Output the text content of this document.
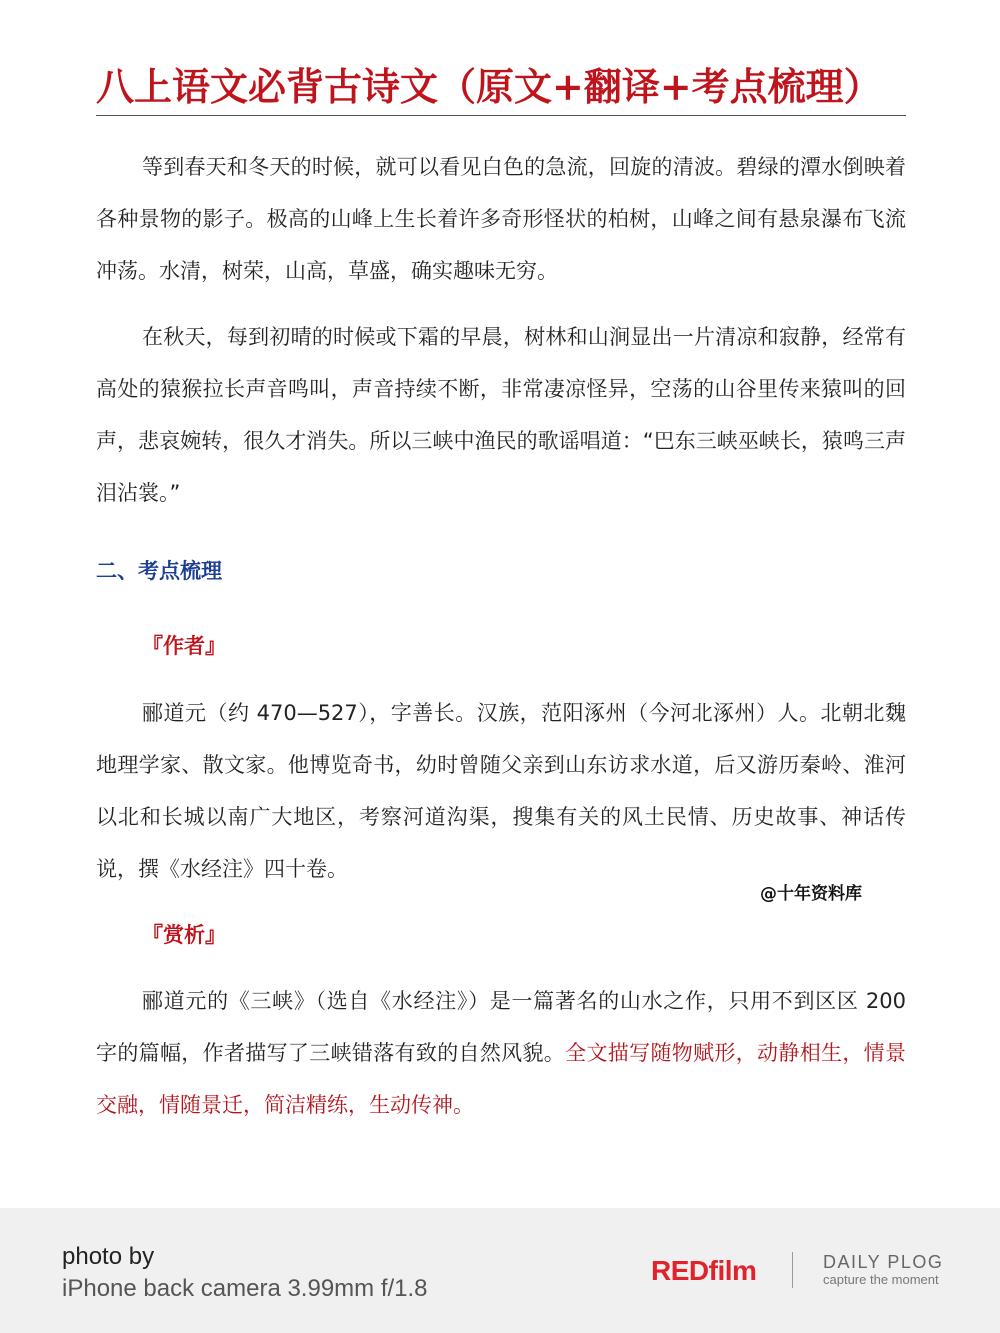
八上语文必背古诗文（原文+翻译+考点梳理）

等到春天和冬天的时候，就可以看见白色的急流，回旋的清波。碧绿的潭水倒映着各种景物的影子。极高的山峰上生长着许多奇形怪状的柏树，山峰之间有悬泉瀑布飞流冲荡。水清，树荣，山高，草盛，确实趣味无穷。

在秋天，每到初晴的时候或下霜的早晨，树林和山涧显出一片清凉和寂静，经常有高处的猿猴拉长声音鸣叫，声音持续不断，非常凄凉怪异，空荡的山谷里传来猿叫的回声，悲哀婉转，很久才消失。所以三峡中渔民的歌谣唱道：“巴东三峡巫峡长，猿鸣三声泪沾裳。”

二、考点梳理
『作者』

郦道元（约 470—527），字善长。汉族，范阳涿州（今河北涿州）人。北朝北魏地理学家、散文家。他博览奇书，幼时曾随父亲到山东访求水道，后又游历秦岭、淮河以北和长城以南广大地区，考察河道沟渠，搜集有关的风土民情、历史故事、神话传说，撰《水经注》四十卷。

@十年资料库
『赏析』

郦道元的《三峡》（选自《水经注》）是一篇著名的山水之作，只用不到区区 200 字的篇幅，作者描写了三峡错落有致的自然风貌。全文描写随物赋形，动静相生，情景交融，情随景迁，简洁精练，生动传神。

photo by
iPhone back camera 3.99mm f/1.8
REDfilm	DAILY PLOG
capture the moment
